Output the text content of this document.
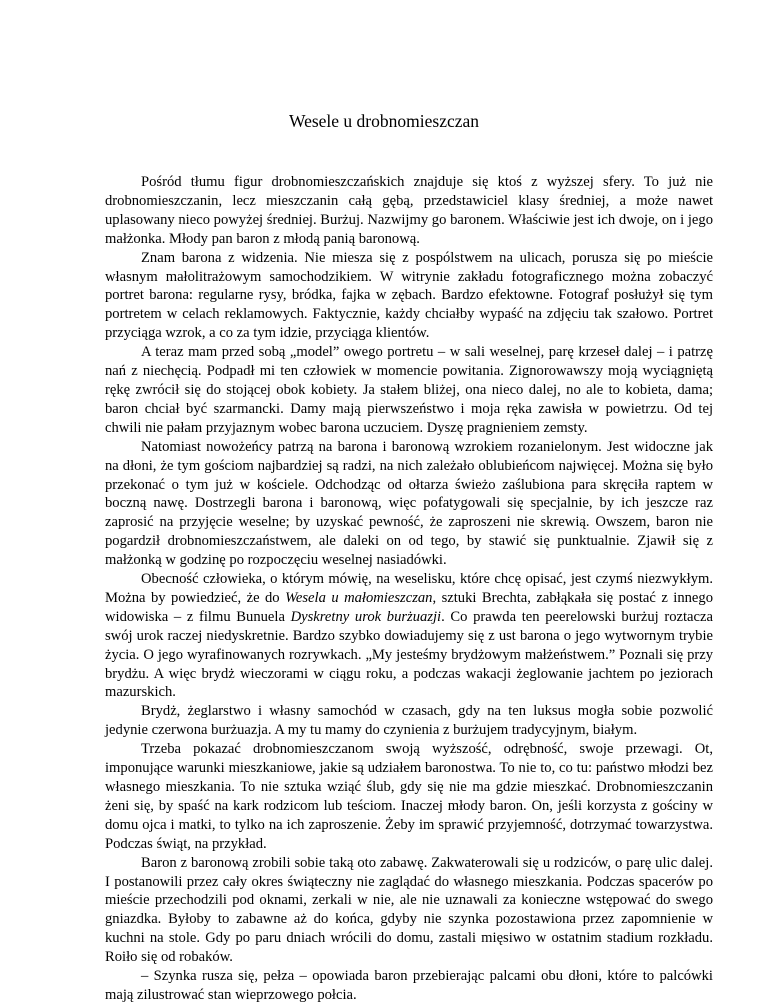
Wesele u drobnomieszczan

Pośród tłumu figur drobnomieszczańskich znajduje się ktoś z wyższej sfery. To już nie drobnomieszczanin, lecz mieszczanin całą gębą, przedstawiciel klasy średniej, a może nawet uplasowany nieco powyżej średniej. Burżuj. Nazwijmy go baronem. Właściwie jest ich dwoje, on i jego małżonka. Młody pan baron z młodą panią baronową.

Znam barona z widzenia. Nie miesza się z pospólstwem na ulicach, porusza się po mieście własnym małolitrażowym samochodzikiem. W witrynie zakładu fotograficznego można zobaczyć portret barona: regularne rysy, bródka, fajka w zębach. Bardzo efektowne. Fotograf posłużył się tym portretem w celach reklamowych. Faktycznie, każdy chciałby wypaść na zdjęciu tak szałowo. Portret przyciąga wzrok, a co za tym idzie, przyciąga klientów.

A teraz mam przed sobą „model” owego portretu – w sali weselnej, parę krzeseł dalej – i patrzę nań z niechęcią. Podpadł mi ten człowiek w momencie powitania. Zignorowawszy moją wyciągniętą rękę zwrócił się do stojącej obok kobiety. Ja stałem bliżej, ona nieco dalej, no ale to kobieta, dama; baron chciał być szarmancki. Damy mają pierwszeństwo i moja ręka zawisła w powietrzu. Od tej chwili nie pałam przyjaznym wobec barona uczuciem. Dyszę pragnieniem zemsty.

Natomiast nowożeńcy patrzą na barona i baronową wzrokiem rozanielonym. Jest widoczne jak na dłoni, że tym gościom najbardziej są radzi, na nich zależało oblubieńcom najwięcej. Można się było przekonać o tym już w kościele. Odchodząc od ołtarza świeżo zaślubiona para skręciła raptem w boczną nawę. Dostrzegli barona i baronową, więc pofatygowali się specjalnie, by ich jeszcze raz zaprosić na przyjęcie weselne; by uzyskać pewność, że zaproszeni nie skrewią. Owszem, baron nie pogardził drobnomieszczaństwem, ale daleki on od tego, by stawić się punktualnie. Zjawił się z małżonką w godzinę po rozpoczęciu weselnej nasiadówki.

Obecność człowieka, o którym mówię, na weselisku, które chcę opisać, jest czymś niezwykłym. Można by powiedzieć, że do Wesela u małomieszczan, sztuki Brechta, zabłąkała się postać z innego widowiska – z filmu Bunuela Dyskretny urok burżuazji. Co prawda ten peerelowski burżuj roztacza swój urok raczej niedyskretnie. Bardzo szybko dowiadujemy się z ust barona o jego wytwornym trybie życia. O jego wyrafinowanych rozrywkach. „My jesteśmy brydżowym małżeństwem.” Poznali się przy brydżu. A więc brydż wieczorami w ciągu roku, a podczas wakacji żeglowanie jachtem po jeziorach mazurskich.

Brydż, żeglarstwo i własny samochód w czasach, gdy na ten luksus mogła sobie pozwolić jedynie czerwona burżuazja. A my tu mamy do czynienia z burżujem tradycyjnym, białym.

Trzeba pokazać drobnomieszczanom swoją wyższość, odrębność, swoje przewagi. Ot, imponujące warunki mieszkaniowe, jakie są udziałem baronostwa. To nie to, co tu: państwo młodzi bez własnego mieszkania. To nie sztuka wziąć ślub, gdy się nie ma gdzie mieszkać. Drobnomieszczanin żeni się, by spaść na kark rodzicom lub teściom. Inaczej młody baron. On, jeśli korzysta z gościny w domu ojca i matki, to tylko na ich zaproszenie. Żeby im sprawić przyjemność, dotrzymać towarzystwa. Podczas świąt, na przykład.

Baron z baronową zrobili sobie taką oto zabawę. Zakwaterowali się u rodziców, o parę ulic dalej. I postanowili przez cały okres świąteczny nie zaglądać do własnego mieszkania. Podczas spacerów po mieście przechodzili pod oknami, zerkali w nie, ale nie uznawali za konieczne wstępować do swego gniazdka. Byłoby to zabawne aż do końca, gdyby nie szynka pozostawiona przez zapomnienie w kuchni na stole. Gdy po paru dniach wrócili do domu, zastali mięsiwo w ostatnim stadium rozkładu. Roiło się od robaków.

– Szynka rusza się, pełza – opowiada baron przebierając palcami obu dłoni, które to palcówki mają zilustrować stan wieprzowego połcia.
